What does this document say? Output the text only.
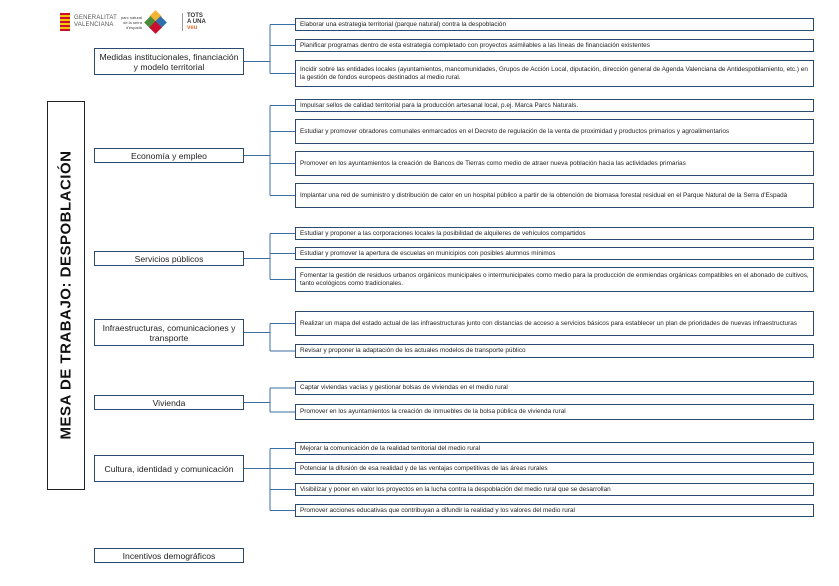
GENERALITAT
VALENCIANA
parc natural
de la serra
d'espadà
TOTS
A UNA
veu
MESA DE TRABAJO: DESPOBLACIÓN
Medidas institucionales, financiación y modelo territorial
Economía y empleo
Servicios públicos
Infraestructuras, comunicaciones y transporte
Vivienda
Cultura, identidad y comunicación
Incentivos demográficos
Elaborar una estrategia territorial (parque natural) contra la despoblación
Planificar programas dentro de esta estrategia completado con proyectos asimilables a las líneas de financiación existentes
Incidir sobre las entidades locales (ayuntamientos, mancomunidades, Grupos de Acción Local, diputación, dirección general de Agenda Valenciana de Antidespoblamiento, etc.) en la gestión de fondos europeos destinados al medio rural.
Impulsar sellos de calidad territorial para la producción artesanal local, p.ej. Marca Parcs Naturals.
Estudiar y promover obradores comunales enmarcados en el Decreto de regulación de la venta de proximidad y productos primarios y agroalimentarios
Promover en los ayuntamientos la creación de Bancos de Tierras como medio de atraer nueva población hacia las actividades primarias
Implantar una red de suministro y distribución de calor en un hospital público a partir de la obtención de biomasa forestal residual en el Parque Natural de la Serra d'Espadà
Estudiar y proponer a las corporaciones locales la posibilidad de alquileres de vehículos compartidos
Estudiar y promover la apertura de escuelas en municipios con posibles alumnos mínimos
Fomentar la gestión de residuos urbanos orgánicos municipales o intermunicipales como medio para la producción de enmiendas orgánicas compatibles en el abonado de cultivos, tanto ecológicos como tradicionales.
Realizar un mapa del estado actual de las infraestructuras junto con distancias de acceso a servicios básicos para establecer un plan de prioridades de nuevas infraestructuras
Revisar y proponer la adaptación de los actuales modelos de transporte público
Captar viviendas vacías y gestionar bolsas de viviendas en el medio rural
Promover en los ayuntamientos la creación de inmuebles de la bolsa pública de vivienda rural
Mejorar la comunicación de la realidad territorial del medio rural
Potenciar la difusión de esa realidad y de las ventajas competitivas de las áreas rurales
Visibilizar y poner en valor los proyectos en la lucha contra la despoblación del medio rural que se desarrollan
Promover acciones educativas que contribuyan a difundir la realidad y los valores del medio rural
